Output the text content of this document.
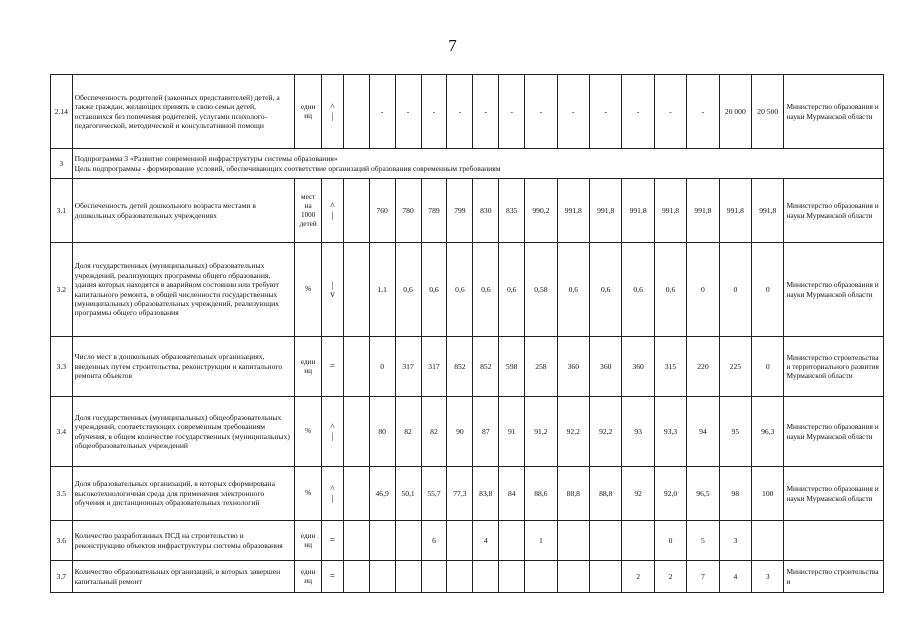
7
2.14	Обеспеченность родителей (законных представителей) детей, а также граждан, желающих принять в свою семьи детей, оставшихся без попечения родителей, услугами психолого-педагогической, методической и консультативной помощи	един иц	^
|		-	-	-	-	-	-	-	-	-	-	-	-	20 000	20 500	Министерство образования и науки Мурманской области
3	Подпрограмма 3 «Развитие современной инфраструктуры системы образования»
Цель подпрограммы - формирование условий, обеспечивающих соответствие организаций образования современным требованиям																		

3.1	Обеспеченность детей дошкольного возраста местами в дошкольных образовательных учреждениях	мест на 1000 детей	^
|		760	780	789	799	830	835	990,2	991,8	991,8	991,8	991,8	991,8	991,8	991,8	Министерство образования и науки Мурманской области
3.2	Доля государственных (муниципальных) образовательных учреждений, реализующих программы общего образования, здания которых находятся в аварийном состоянии или требуют капитального ремонта, в общей численности государственных (муниципальных) образовательных учреждений, реализующих программы общего образования	%	|
v		1,1	0,6	0,6	0,6	0,6	0,6	0,58	0,6	0,6	0,6	0,6	0	0	0	Министерство образования и науки Мурманской области
3.3	Число мест в дошкольных образовательных организациях, введенных путем строительства, реконструкции и капитального ремонта объектов	един иц	=		0	317	317	852	852	598	258	360	360	360	315	220	225	0	Министерство строительства и территориального развития Мурманской области
3.4	Доля государственных (муниципальных) общеобразовательных учреждений, соответствующих современным требованиям обучения, в общем количестве государственных (муниципальных) общеобразовательных учреждений	%	^
|		80	82	82	90	87	91	91,2	92,2	92,2	93	93,3	94	95	96,3	Министерство образования и науки Мурманской области
3.5	Доля образовательных организаций, в которых сформирована высокотехнологичная среда для применения электронного обучения и дистанционных образовательных технологий	%	^
|		46,9	50,1	55,7	77,3	83,8	84	88,6	88,8	88,8	92	92,0	96,5	98	100	Министерство образования и науки Мурманской области
3.6	Количество разработанных ПСД на строительство и реконструкцию объектов инфраструктуры системы образования	един иц	=				6		4		1				0	5	3		
3.7	Количество образовательных организаций, в которых завершен капитальный ремонт	един иц	=											2	2	7	4	3	Министерство строительства и
